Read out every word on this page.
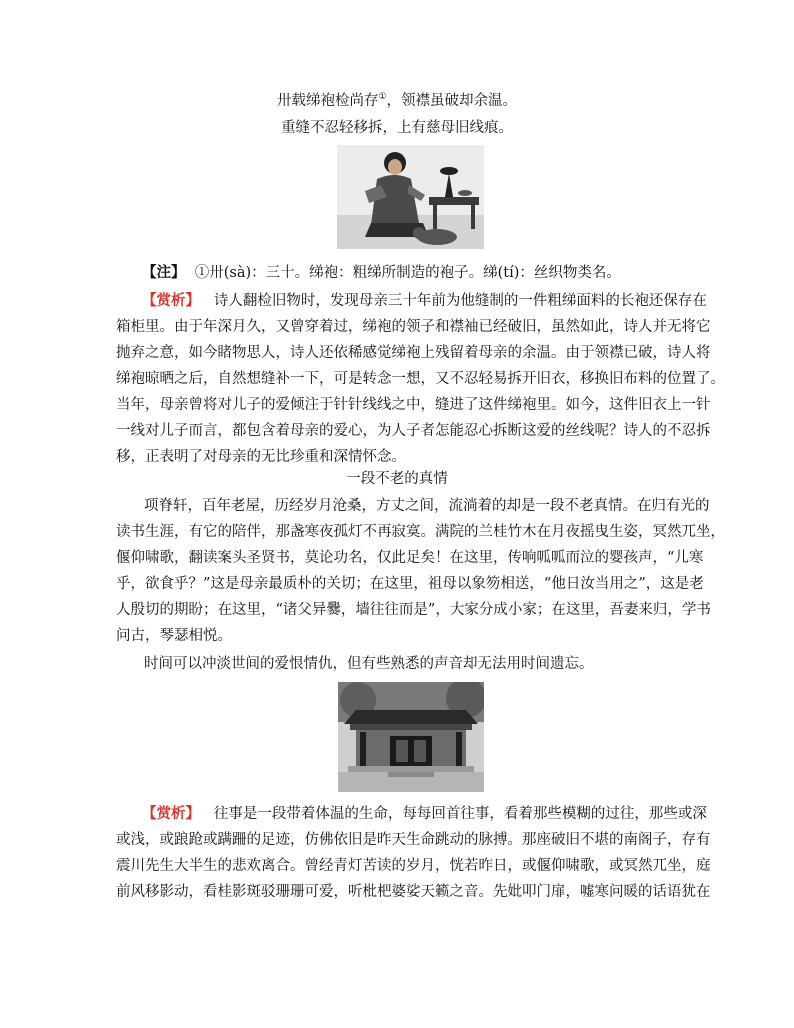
卅载绨袍检尚存①，领襟虽破却余温。
重缝不忍轻移拆，上有慈母旧线痕。
【注】 ①卅(sà)：三十。绨袍：粗绨所制造的袍子。绨(tí)：丝织物类名。
【赏析】 诗人翻检旧物时，发现母亲三十年前为他缝制的一件粗绨面料的长袍还保存在
箱柜里。由于年深月久，又曾穿着过，绨袍的领子和襟袖已经破旧，虽然如此，诗人并无将它
抛弃之意，如今睹物思人，诗人还依稀感觉绨袍上残留着母亲的余温。由于领襟已破，诗人将
绨袍晾晒之后，自然想缝补一下，可是转念一想，又不忍轻易拆开旧衣，移换旧布料的位置了。
当年，母亲曾将对儿子的爱倾注于针针线线之中，缝进了这件绨袍里。如今，这件旧衣上一针
一线对儿子而言，都包含着母亲的爱心，为人子者怎能忍心拆断这爱的丝线呢？诗人的不忍拆
移，正表明了对母亲的无比珍重和深情怀念。
一段不老的真情
项脊轩，百年老屋，历经岁月沧桑，方丈之间，流淌着的却是一段不老真情。在归有光的
读书生涯，有它的陪伴，那盏寒夜孤灯不再寂寞。满院的兰桂竹木在月夜摇曳生姿，冥然兀坐，
偃仰啸歌，翻读案头圣贤书，莫论功名，仅此足矣！在这里，传响呱呱而泣的婴孩声，“儿寒
乎，欲食乎？”这是母亲最质朴的关切；在这里，祖母以象笏相送，“他日汝当用之”，这是老
人殷切的期盼；在这里，“诸父异爨，墙往往而是”，大家分成小家；在这里，吾妻来归，学书
问古，琴瑟相悦。
时间可以冲淡世间的爱恨情仇，但有些熟悉的声音却无法用时间遗忘。
【赏析】 往事是一段带着体温的生命，每每回首往事，看着那些模糊的过往，那些或深
或浅，或踉跄或蹒跚的足迹，仿佛依旧是昨天生命跳动的脉搏。那座破旧不堪的南阁子，存有
震川先生大半生的悲欢离合。曾经青灯苦读的岁月，恍若昨日，或偃仰啸歌，或冥然兀坐，庭
前风移影动，看桂影斑驳珊珊可爱，听枇杷婆娑天籁之音。先妣叩门扉，嘘寒问暖的话语犹在
